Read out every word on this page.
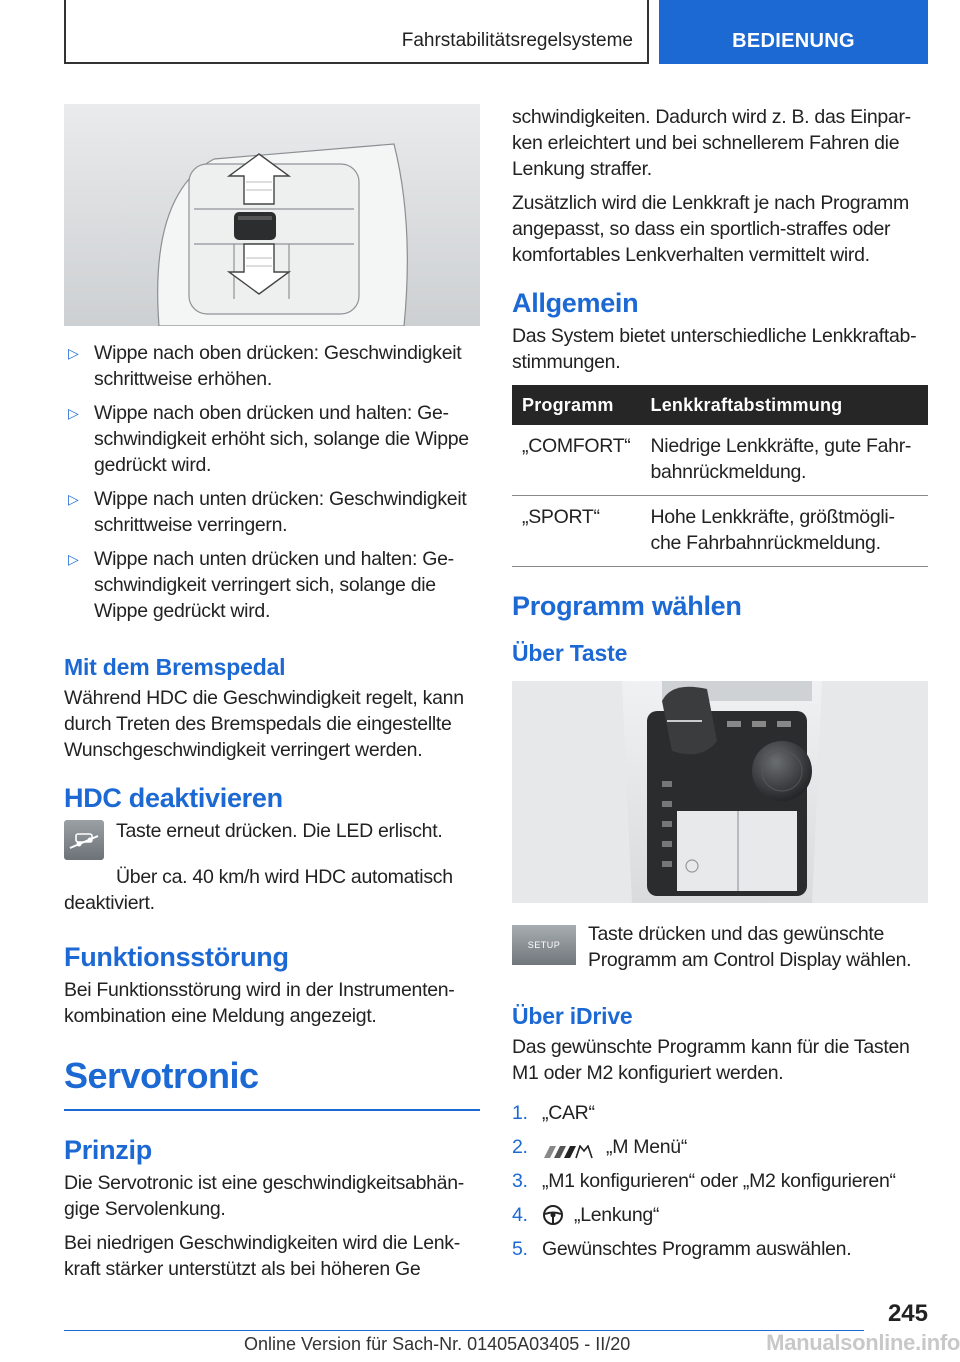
Fahrstabilitätsregelsysteme	BEDIENUNG
▷ Wippe nach oben drücken: Geschwindigkeit schrittweise erhöhen.
▷ Wippe nach oben drücken und halten: Geschwindigkeit erhöht sich, solange die Wippe gedrückt wird.
▷ Wippe nach unten drücken: Geschwindigkeit schrittweise verringern.
▷ Wippe nach unten drücken und halten: Geschwindigkeit verringert sich, solange die Wippe gedrückt wird.
Mit dem Bremspedal

Während HDC die Geschwindigkeit regelt, kann durch Treten des Bremspedals die eingestellte Wunschgeschwindigkeit verringert werden.

HDC deaktivieren

Taste erneut drücken. Die LED erlischt.

Über ca. 40 km/h wird HDC automatisch deaktiviert.

Funktionsstörung

Bei Funktionsstörung wird in der Instrumentenkombination eine Meldung angezeigt.

Servotronic
Prinzip

Die Servotronic ist eine geschwindigkeitsabhängige Servolenkung.

Bei niedrigen Geschwindigkeiten wird die Lenkkraft stärker unterstützt als bei höheren Ge

schwindigkeiten. Dadurch wird z. B. das Einparken erleichtert und bei schnellerem Fahren die Lenkung straffer.

Zusätzlich wird die Lenkkraft je nach Programm angepasst, so dass ein sportlich-straffes oder komfortables Lenkverhalten vermittelt wird.

Allgemein

Das System bietet unterschiedliche Lenkkraftabstimmungen.

Programm	Lenkkraftabstimmung
„COMFORT“	Niedrige Lenkkräfte, gute Fahrbahnrückmeldung.
„SPORT“	Hohe Lenkkräfte, größtmögliche Fahrbahnrückmeldung.
Programm wählen
Über Taste
SETUP	Taste drücken und das gewünschte Programm am Control Display wählen.

Über iDrive

Das gewünschte Programm kann für die Tasten M1 oder M2 konfiguriert werden.

1. „CAR“
2.	„M Menü“
3. „M1 konfigurieren“ oder „M2 konfigurieren“
4.	„Lenkung“
5. Gewünschtes Programm auswählen.
245
Online Version für Sach-Nr. 01405A03405 - II/20	Manualsonline.info
